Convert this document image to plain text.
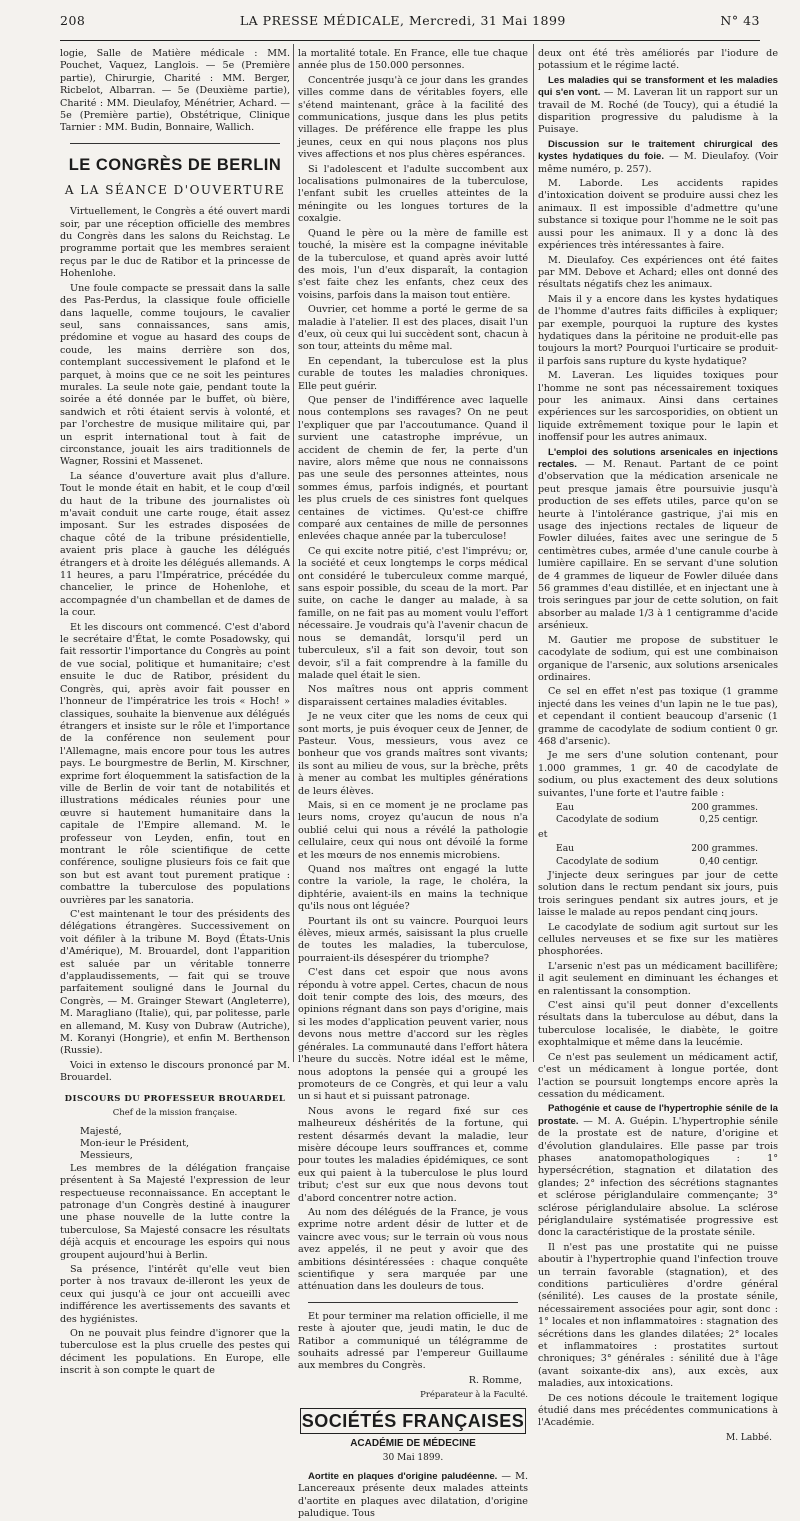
208	LA PRESSE MÉDICALE, Mercredi, 31 Mai 1899	N° 43

logie, Salle de Matière médicale : MM. Pouchet, Vaquez, Langlois. — 5e (Première partie), Chirurgie, Charité : MM. Berger, Ricbelot, Albarran. — 5e (Deuxième partie), Charité : MM. Dieulafoy, Ménétrier, Achard. — 5e (Première partie), Obstétrique, Clinique Tarnier : MM. Budin, Bonnaire, Wallich.

LE CONGRÈS DE BERLIN
A LA SÉANCE D'OUVERTURE

Virtuellement, le Congrès a été ouvert mardi soir, par une réception officielle des membres du Congrès dans les salons du Reichstag. Le programme portait que les membres seraient reçus par le duc de Ratibor et la princesse de Hohenlohe.

Une foule compacte se pressait dans la salle des Pas-Perdus, la classique foule officielle dans laquelle, comme toujours, le cavalier seul, sans connaissances, sans amis, prédomine et vogue au hasard des coups de coude, les mains derrière son dos, contemplant successivement le plafond et le parquet, à moins que ce ne soit les peintures murales. La seule note gaie, pendant toute la soirée a été donnée par le buffet, où bière, sandwich et rôti étaient servis à volonté, et par l'orchestre de musique militaire qui, par un esprit international tout à fait de circonstance, jouait les airs traditionnels de Wagner, Rossini et Massenet.

La séance d'ouverture avait plus d'allure. Tout le monde était en habit, et le coup d'œil du haut de la tribune des journalistes où m'avait conduit une carte rouge, était assez imposant. Sur les estrades disposées de chaque côté de la tribune présidentielle, avaient pris place à gauche les délégués étrangers et à droite les délégués allemands. A 11 heures, a paru l'Impératrice, précédée du chancelier, le prince de Hohenlohe, et accompagnée d'un chambellan et de dames de la cour.

Et les discours ont commencé. C'est d'abord le secrétaire d'État, le comte Posadowsky, qui fait ressortir l'importance du Congrès au point de vue social, politique et humanitaire; c'est ensuite le duc de Ratibor, président du Congrès, qui, après avoir fait pousser en l'honneur de l'impératrice les trois « Hoch! » classiques, souhaite la bienvenue aux délégués étrangers et insiste sur le rôle et l'importance de la conférence non seulement pour l'Allemagne, mais encore pour tous les autres pays. Le bourgmestre de Berlin, M. Kirschner, exprime fort éloquemment la satisfaction de la ville de Berlin de voir tant de notabilités et illustrations médicales réunies pour une œuvre si hautement humanitaire dans la capitale de l'Empire allemand. M. le professeur von Leyden, enfin, tout en montrant le rôle scientifique de cette conférence, souligne plusieurs fois ce fait que son but est avant tout purement pratique : combattre la tuberculose des populations ouvrières par les sanatoria.

C'est maintenant le tour des présidents des délégations étrangères. Successivement on voit défiler à la tribune M. Boyd (États-Unis d'Amérique), M. Brouardel, dont l'apparition est saluée par un véritable tonnerre d'applaudissements, — fait qui se trouve parfaitement souligné dans le Journal du Congrès, — M. Grainger Stewart (Angleterre), M. Maragliano (Italie), qui, par politesse, parle en allemand, M. Kusy von Dubraw (Autriche), M. Koranyi (Hongrie), et enfin M. Berthenson (Russie).

Voici in extenso le discours prononcé par M. Brouardel.

DISCOURS DU PROFESSEUR BROUARDEL
Chef de la mission française.

Majesté,

Mon-ieur le Président,

Messieurs,

Les membres de la délégation française présentent à Sa Majesté l'expression de leur respectueuse reconnaissance. En acceptant le patronage d'un Congrès destiné à inaugurer une phase nouvelle de la lutte contre la tuberculose, Sa Majesté consacre les résultats déjà acquis et encourage les espoirs qui nous groupent aujourd'hui à Berlin.

Sa présence, l'intérêt qu'elle veut bien porter à nos travaux de-illeront les yeux de ceux qui jusqu'à ce jour ont accueilli avec indifférence les avertissements des savants et des hygiénistes.

On ne pouvait plus feindre d'ignorer que la tuberculose est la plus cruelle des pestes qui déciment les populations. En Europe, elle inscrit à son compte le quart de

la mortalité totale. En France, elle tue chaque année plus de 150.000 personnes.

Concentrée jusqu'à ce jour dans les grandes villes comme dans de véritables foyers, elle s'étend maintenant, grâce à la facilité des communications, jusque dans les plus petits villages. De préférence elle frappe les plus jeunes, ceux en qui nous plaçons nos plus vives affections et nos plus chères espérances.

Si l'adolescent et l'adulte succombent aux localisations pulmonaires de la tuberculose, l'enfant subit les cruelles atteintes de la méningite ou les longues tortures de la coxalgie.

Quand le père ou la mère de famille est touché, la misère est la compagne inévitable de la tuberculose, et quand après avoir lutté des mois, l'un d'eux disparaît, la contagion s'est faite chez les enfants, chez ceux des voisins, parfois dans la maison tout entière.

Ouvrier, cet homme a porté le germe de sa maladie à l'atelier. Il est des places, disait l'un d'eux, où ceux qui lui succèdent sont, chacun à son tour, atteints du même mal.

En cependant, la tuberculose est la plus curable de toutes les maladies chroniques. Elle peut guérir.

Que penser de l'indifférence avec laquelle nous contemplons ses ravages? On ne peut l'expliquer que par l'accoutumance. Quand il survient une catastrophe imprévue, un accident de chemin de fer, la perte d'un navire, alors même que nous ne connaissons pas une seule des personnes atteintes, nous sommes émus, parfois indignés, et pourtant les plus cruels de ces sinistres font quelques centaines de victimes. Qu'est-ce chiffre comparé aux centaines de mille de personnes enlevées chaque année par la tuberculose!

Ce qui excite notre pitié, c'est l'imprévu; or, la société et ceux longtemps le corps médical ont considéré le tuberculeux comme marqué, sans espoir possible, du sceau de la mort. Par suite, on cache le danger au malade, à sa famille, on ne fait pas au moment voulu l'effort nécessaire. Je voudrais qu'à l'avenir chacun de nous se demandât, lorsqu'il perd un tuberculeux, s'il a fait son devoir, tout son devoir, s'il a fait comprendre à la famille du malade quel était le sien.

Nos maîtres nous ont appris comment disparaissent certaines maladies évitables.

Je ne veux citer que les noms de ceux qui sont morts, je puis évoquer ceux de Jenner, de Pasteur. Vous, messieurs, vous avez ce bonheur que vos grands maîtres sont vivants; ils sont au milieu de vous, sur la brèche, prêts à mener au combat les multiples générations de leurs élèves.

Mais, si en ce moment je ne proclame pas leurs noms, croyez qu'aucun de nous n'a oublié celui qui nous a révélé la pathologie cellulaire, ceux qui nous ont dévoilé la forme et les mœurs de nos ennemis microbiens.

Quand nos maîtres ont engagé la lutte contre la variole, la rage, le choléra, la diphtérie, avaient-ils en mains la technique qu'ils nous ont léguée?

Pourtant ils ont su vaincre. Pourquoi leurs élèves, mieux armés, saisissant la plus cruelle de toutes les maladies, la tuberculose, pourraient-ils désespérer du triomphe?

C'est dans cet espoir que nous avons répondu à votre appel. Certes, chacun de nous doit tenir compte des lois, des mœurs, des opinions régnant dans son pays d'origine, mais si les modes d'application peuvent varier, nous devons nous mettre d'accord sur les règles générales. La communauté dans l'effort hâtera l'heure du succès. Notre idéal est le même, nous adoptons la pensée qui a groupé les promoteurs de ce Congrès, et qui leur a valu un si haut et si puissant patronage.

Nous avons le regard fixé sur ces malheureux déshérités de la fortune, qui restent désarmés devant la maladie, leur misère découpe leurs souffrances et, comme pour toutes les maladies épidémiques, ce sont eux qui paient à la tuberculose le plus lourd tribut; c'est sur eux que nous devons tout d'abord concentrer notre action.

Au nom des délégués de la France, je vous exprime notre ardent désir de lutter et de vaincre avec vous; sur le terrain où vous nous avez appelés, il ne peut y avoir que des ambitions désintéressées : chaque conquête scientifique y sera marquée par une atténuation dans les douleurs de tous.

Et pour terminer ma relation officielle, il me reste à ajouter que, jeudi matin, le duc de Ratibor a communiqué un télégramme de souhaits adressé par l'empereur Guillaume aux membres du Congrès.

R. Romme,
Préparateur à la Faculté.
SOCIÉTÉS FRANÇAISES
ACADÉMIE DE MÉDECINE
30 Mai 1899.

Aortite en plaques d'origine paludéenne. — M. Lancereaux présente deux malades atteints d'aortite en plaques avec dilatation, d'origine paludique. Tous

deux ont été très améliorés par l'iodure de potassium et le régime lacté.

Les maladies qui se transforment et les maladies qui s'en vont. — M. Laveran lit un rapport sur un travail de M. Roché (de Toucy), qui a étudié la disparition progressive du paludisme à la Puisaye.

Discussion sur le traitement chirurgical des kystes hydatiques du foie. — M. Dieulafoy. (Voir même numéro, p. 257).

M. Laborde. Les accidents rapides d'intoxication doivent se produire aussi chez les animaux. Il est impossible d'admettre qu'une substance si toxique pour l'homme ne le soit pas aussi pour les animaux. Il y a donc là des expériences très intéressantes à faire.

M. Dieulafoy. Ces expériences ont été faites par MM. Debove et Achard; elles ont donné des résultats négatifs chez les animaux.

Mais il y a encore dans les kystes hydatiques de l'homme d'autres faits difficiles à expliquer; par exemple, pourquoi la rupture des kystes hydatiques dans la péritoine ne produit-elle pas toujours la mort? Pourquoi l'urticaire se produit-il parfois sans rupture du kyste hydatique?

M. Laveran. Les liquides toxiques pour l'homme ne sont pas nécessairement toxiques pour les animaux. Ainsi dans certaines expériences sur les sarcosporidies, on obtient un liquide extrêmement toxique pour le lapin et inoffensif pour les autres animaux.

L'emploi des solutions arsenicales en injections rectales. — M. Renaut. Partant de ce point d'observation que la médication arsenicale ne peut presque jamais être poursuivie jusqu'à production de ses effets utiles, parce qu'on se heurte à l'intolérance gastrique, j'ai mis en usage des injections rectales de liqueur de Fowler diluées, faites avec une seringue de 5 centimètres cubes, armée d'une canule courbe à lumière capillaire. En se servant d'une solution de 4 grammes de liqueur de Fowler diluée dans 56 grammes d'eau distillée, et en injectant une à trois seringues par jour de cette solution, on fait absorber au malade 1/3 à 1 centigramme d'acide arsénieux.

M. Gautier me propose de substituer le cacodylate de sodium, qui est une combinaison organique de l'arsenic, aux solutions arsenicales ordinaires.

Ce sel en effet n'est pas toxique (1 gramme injecté dans les veines d'un lapin ne le tue pas), et cependant il contient beaucoup d'arsenic (1 gramme de cacodylate de sodium contient 0 gr. 468 d'arsenic).

Je me sers d'une solution contenant, pour 1.000 grammes, 1 gr. 40 de cacodylate de sodium, ou plus exactement des deux solutions suivantes, l'une forte et l'autre faible :

Eau	200 grammes.
Cacodylate de sodium	0,25 centigr.

et

Eau	200 grammes.
Cacodylate de sodium	0,40 centigr.

J'injecte deux seringues par jour de cette solution dans le rectum pendant six jours, puis trois seringues pendant six autres jours, et je laisse le malade au repos pendant cinq jours.

Le cacodylate de sodium agit surtout sur les cellules nerveuses et se fixe sur les matières phosphorées.

L'arsenic n'est pas un médicament bacillifère; il agit seulement en diminuant les échanges et en ralentissant la consomption.

C'est ainsi qu'il peut donner d'excellents résultats dans la tuberculose au début, dans la tuberculose localisée, le diabète, le goitre exophtalmique et même dans la leucémie.

Ce n'est pas seulement un médicament actif, c'est un médicament à longue portée, dont l'action se poursuit longtemps encore après la cessation du médicament.

Pathogénie et cause de l'hypertrophie sénile de la prostate. — M. A. Guépin. L'hypertrophie sénile de la prostate est de nature, d'origine et d'évolution glandulaires. Elle passe par trois phases anatomopathologiques : 1° hypersécrétion, stagnation et dilatation des glandes; 2° infection des sécrétions stagnantes et sclérose périglandulaire commençante; 3° sclérose périglandulaire absolue. La sclérose périglandulaire systématisée progressive est donc la caractéristique de la prostate sénile.

Il n'est pas une prostatite qui ne puisse aboutir à l'hypertrophie quand l'infection trouve un terrain favorable (stagnation), et des conditions particulières d'ordre général (sénilité). Les causes de la prostate sénile, nécessairement associées pour agir, sont donc : 1° locales et non inflammatoires : stagnation des sécrétions dans les glandes dilatées; 2° locales et inflammatoires : prostatites surtout chroniques; 3° générales : sénilité due à l'âge (avant soixante-dix ans), aux excès, aux maladies, aux intoxications.

De ces notions découle le traitement logique étudié dans mes précédentes communications à l'Académie.

M. Labbé.
